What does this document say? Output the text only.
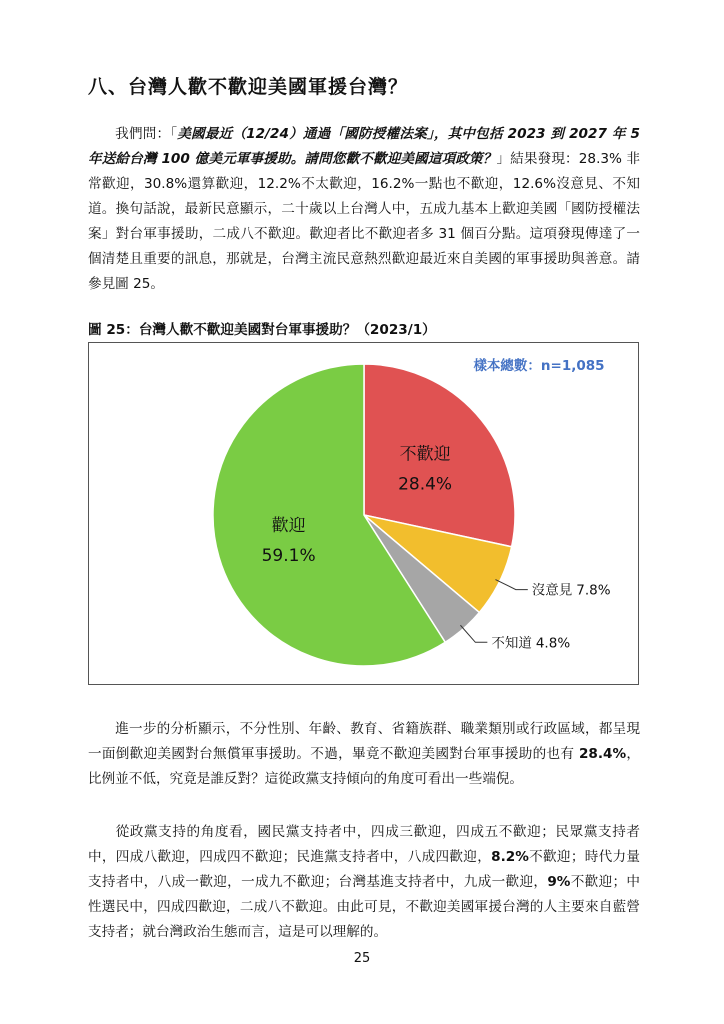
八、台灣人歡不歡迎美國軍援台灣？

我們問：「美國最近（12/24）通過「國防授權法案」，其中包括 2023 到 2027 年 5 年送給台灣 100 億美元軍事援助。請問您歡不歡迎美國這項政策？」結果發現：28.3% 非常歡迎，30.8%還算歡迎，12.2%不太歡迎，16.2%一點也不歡迎，12.6%沒意見、不知道。換句話說，最新民意顯示，二十歲以上台灣人中，五成九基本上歡迎美國「國防授權法案」對台軍事援助，二成八不歡迎。歡迎者比不歡迎者多 31 個百分點。這項發現傳達了一個清楚且重要的訊息，那就是，台灣主流民意熱烈歡迎最近來自美國的軍事援助與善意。請參見圖 25。

圖 25：台灣人歡不歡迎美國對台軍事援助？（2023/1）
樣本總數：n=1,085
不歡迎
28.4%
沒意見 7.8%
不知道 4.8%
歡迎
59.1%

進一步的分析顯示，不分性別、年齡、教育、省籍族群、職業類別或行政區域，都呈現一面倒歡迎美國對台無償軍事援助。不過，畢竟不歡迎美國對台軍事援助的也有 28.4%，比例並不低，究竟是誰反對？這從政黨支持傾向的角度可看出一些端倪。

從政黨支持的角度看，國民黨支持者中，四成三歡迎，四成五不歡迎；民眾黨支持者中，四成八歡迎，四成四不歡迎；民進黨支持者中，八成四歡迎，8.2%不歡迎；時代力量支持者中，八成一歡迎，一成九不歡迎；台灣基進支持者中，九成一歡迎，9%不歡迎；中性選民中，四成四歡迎，二成八不歡迎。由此可見，不歡迎美國軍援台灣的人主要來自藍營支持者；就台灣政治生態而言，這是可以理解的。

25
